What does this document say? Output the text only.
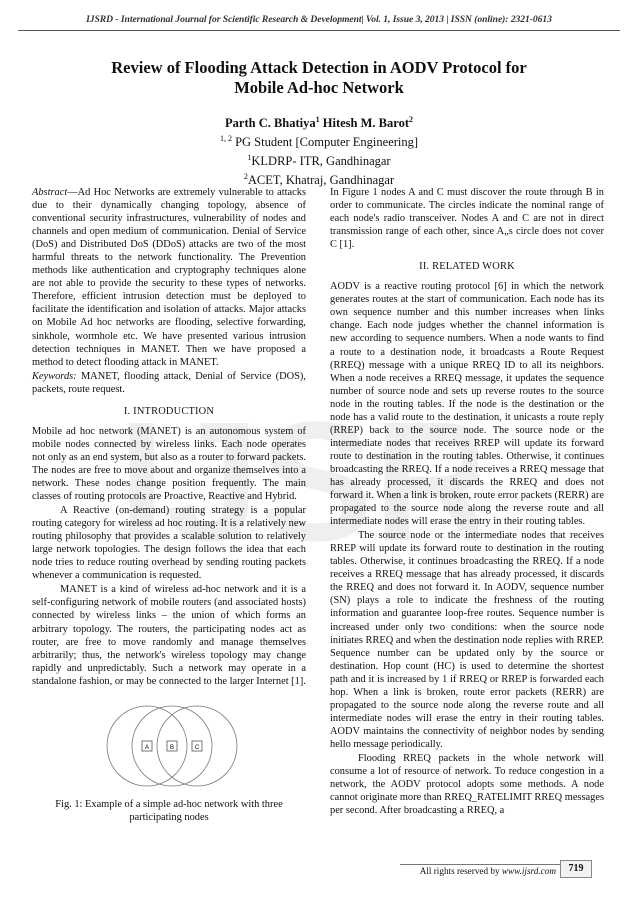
IJSR
IJSRD - International Journal for Scientific Research & Development| Vol. 1, Issue 3, 2013 | ISSN (online): 2321-0613
Review of Flooding Attack Detection in AODV Protocol for
Mobile Ad-hoc Network
Parth C. Bhatiya$^1$ Hitesh M. Barot$^2$
$^{1, 2}$ PG Student [Computer Engineering]
$^1$KLDRP- ITR, Gandhinagar
$^2$ACET, Khatraj, Gandhinagar

Abstract—Ad Hoc Networks are extremely vulnerable to attacks due to their dynamically changing topology, absence of conventional security infrastructures, vulnerability of nodes and channels and open medium of communication. Denial of Service (DoS) and Distributed DoS (DDoS) attacks are two of the most harmful threats to the network functionality. The Prevention methods like authentication and cryptography techniques alone are not able to provide the security to these types of networks. Therefore, efficient intrusion detection must be deployed to facilitate the identification and isolation of attacks. Major attacks on Mobile Ad hoc networks are flooding, selective forwarding, sinkhole, wormhole etc. We have presented various intrusion detection techniques in MANET. Then we have proposed a method to detect flooding attack in MANET.

Keywords: MANET, flooding attack, Denial of Service (DOS), packets, route request.

I. INTRODUCTION

Mobile ad hoc network (MANET) is an autonomous system of mobile nodes connected by wireless links. Each node operates not only as an end system, but also as a router to forward packets. The nodes are free to move about and organize themselves into a network. These nodes change position frequently. The main classes of routing protocols are Proactive, Reactive and Hybrid.

A Reactive (on-demand) routing strategy is a popular routing category for wireless ad hoc routing. It is a relatively new routing philosophy that provides a scalable solution to relatively large network topologies. The design follows the idea that each node tries to reduce routing overhead by sending routing packets whenever a communication is requested.

MANET is a kind of wireless ad-hoc network and it is a self-configuring network of mobile routers (and associated hosts) connected by wireless links – the union of which forms an arbitrary topology. The routers, the participating nodes act as router, are free to move randomly and manage themselves arbitrarily; thus, the network's wireless topology may change rapidly and unpredictably. Such a network may operate in a standalone fashion, or may be connected to the larger Internet [1].

A	B	C

Fig. 1: Example of a simple ad-hoc network with three
participating nodes

In Figure 1 nodes A and C must discover the route through B in order to communicate. The circles indicate the nominal range of each node's radio transceiver. Nodes A and C are not in direct transmission range of each other, since A„s circle does not cover C [1].

II. RELATED WORK

AODV is a reactive routing protocol [6] in which the network generates routes at the start of communication. Each node has its own sequence number and this number increases when links change. Each node judges whether the channel information is new according to sequence numbers. When a node wants to find a route to a destination node, it broadcasts a Route Request (RREQ) message with a unique RREQ ID to all its neighbors. When a node receives a RREQ message, it updates the sequence number of source node and sets up reverse routes to the source node in the routing tables. If the node is the destination or the node has a valid route to the destination, it unicasts a route reply (RREP) back to the source node. The source node or the intermediate nodes that receives RREP will update its forward route to destination in the routing tables. Otherwise, it continues broadcasting the RREQ. If a node receives a RREQ message that has already processed, it discards the RREQ and does not forward it. When a link is broken, route error packets (RERR) are propagated to the source node along the reverse route and all intermediate nodes will erase the entry in their routing tables.

The source node or the intermediate nodes that receives RREP will update its forward route to destination in the routing tables. Otherwise, it continues broadcasting the RREQ. If a node receives a RREQ message that has already processed, it discards the RREQ and does not forward it. In AODV, sequence number (SN) plays a role to indicate the freshness of the routing information and guarantee loop-free routes. Sequence number is increased under only two conditions: when the source node initiates RREQ and when the destination node replies with RREP. Sequence number can be updated only by the source or destination. Hop count (HC) is used to determine the shortest path and it is increased by 1 if RREQ or RREP is forwarded each hop. When a link is broken, route error packets (RERR) are propagated to the source node along the reverse route and all intermediate nodes will erase the entry in their routing tables. AODV maintains the connectivity of neighbor nodes by sending hello message periodically.

Flooding RREQ packets in the whole network will consume a lot of resource of network. To reduce congestion in a network, the AODV protocol adopts some methods. A node cannot originate more than RREQ_RATELIMIT RREQ messages per second. After broadcasting a RREQ, a

All rights reserved by www.ijsrd.com	719
